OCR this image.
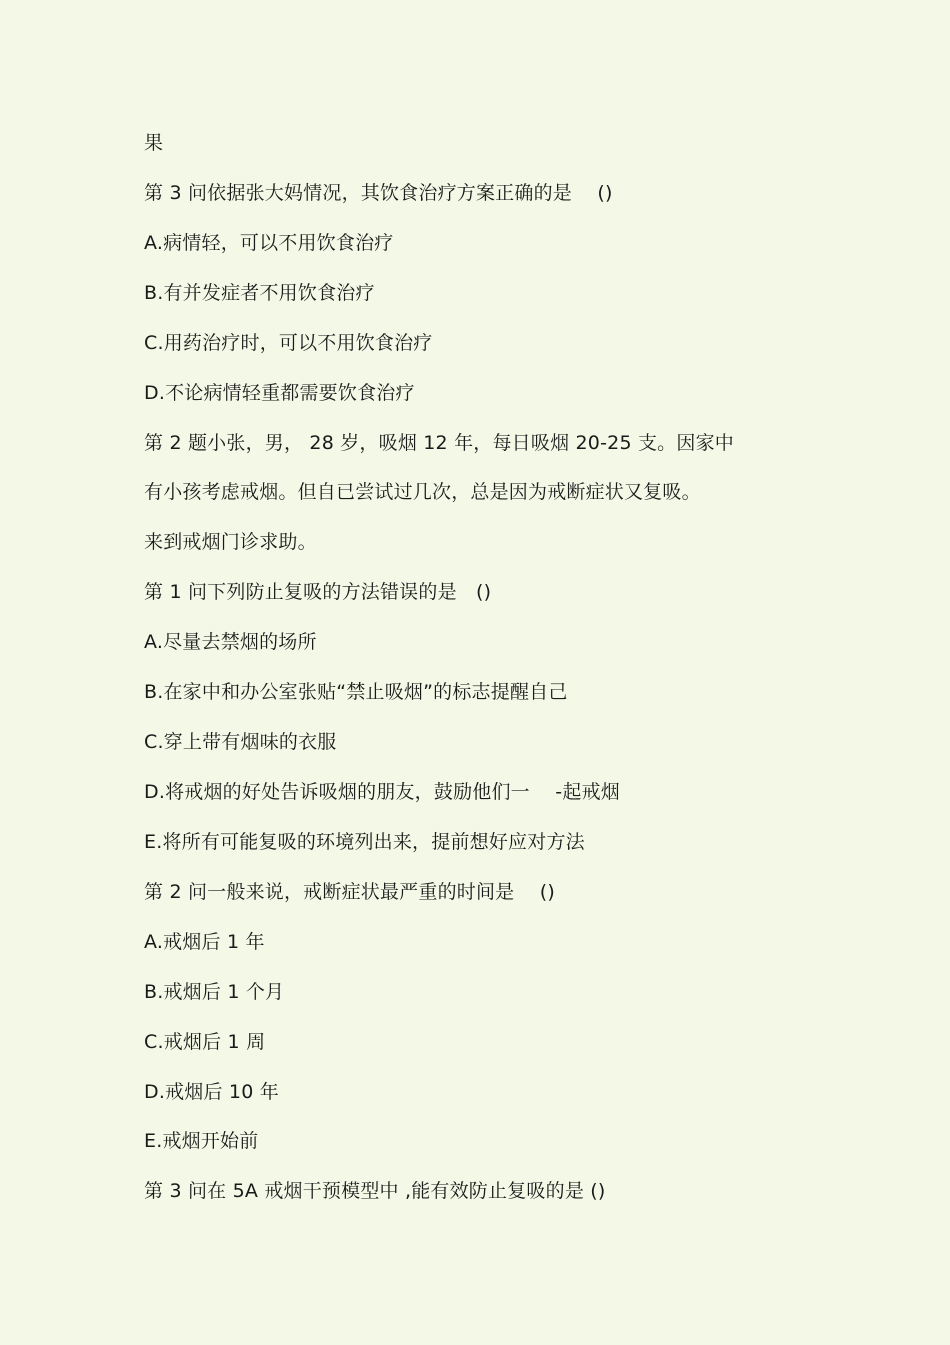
果
第 3 问依据张大妈情况，其饮食治疗方案正确的是　 ()
A.病情轻，可以不用饮食治疗
B.有并发症者不用饮食治疗
C.用药治疗时，可以不用饮食治疗
D.不论病情轻重都需要饮食治疗
第 2 题小张，男， 28 岁，吸烟 12 年，每日吸烟 20-25 支。因家中
有小孩考虑戒烟。但自已尝试过几次，总是因为戒断症状又复吸。
来到戒烟门诊求助。
第 1 问下列防止复吸的方法错误的是　()
A.尽量去禁烟的场所
B.在家中和办公室张贴“禁止吸烟”的标志提醒自己
C.穿上带有烟味的衣服
D.将戒烟的好处告诉吸烟的朋友，鼓励他们一　 -起戒烟
E.将所有可能复吸的环境列出来，提前想好应对方法
第 2 问一般来说，戒断症状最严重的时间是　 ()
A.戒烟后 1 年
B.戒烟后 1 个月
C.戒烟后 1 周
D.戒烟后 10 年
E.戒烟开始前
第 3 问在 5A 戒烟干预模型中 ,能有效防止复吸的是 ()
